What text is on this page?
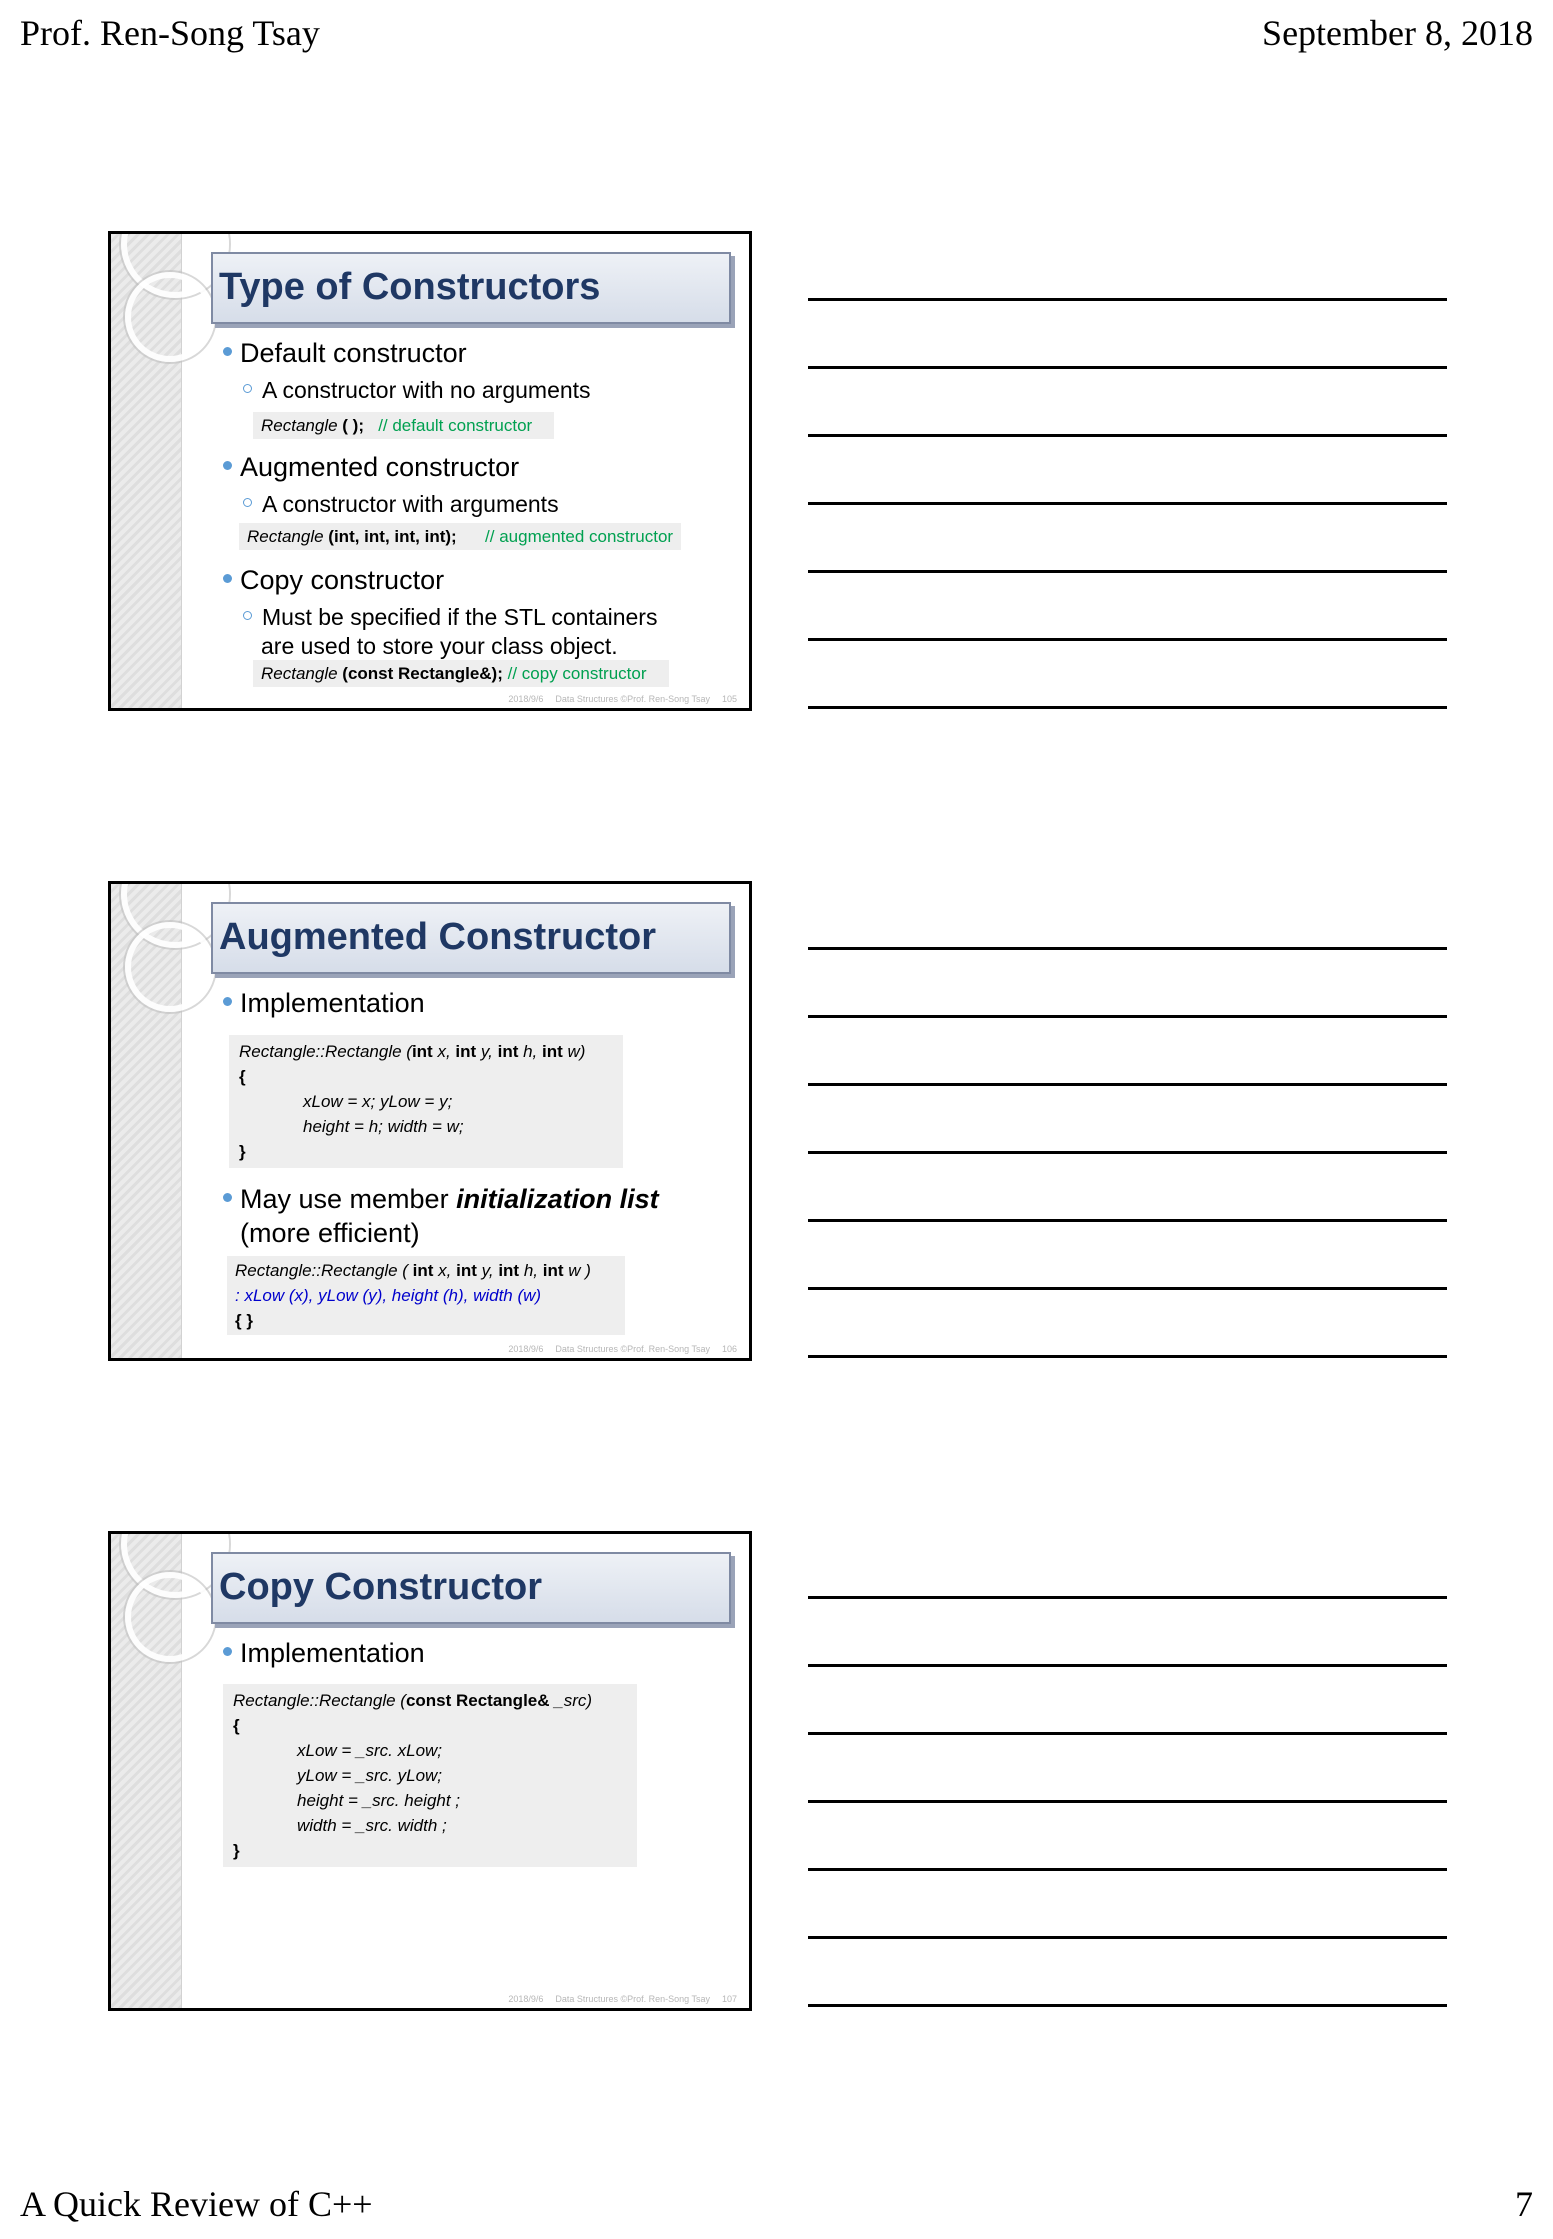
Prof. Ren-Song Tsay	September 8, 2018
Type of Constructors
Default constructor
A constructor with no arguments
Rectangle ( ); // default constructor
Augmented constructor
A constructor with arguments
Rectangle (int, int, int, int); // augmented constructor
Copy constructor
Must be specified if the STL containers
are used to store your class object.
Rectangle (const Rectangle&); // copy constructor
2018/9/6 Data Structures ©Prof. Ren-Song Tsay 105
Augmented Constructor
Implementation
Rectangle::Rectangle (int x, int y, int h, int w)
{
xLow = x; yLow = y;
height = h; width = w;
}
May use member initialization list
(more efficient)
Rectangle::Rectangle ( int x, int y, int h, int w )
: xLow (x), yLow (y), height (h), width (w)
{ }
2018/9/6 Data Structures ©Prof. Ren-Song Tsay 106
Copy Constructor
Implementation
Rectangle::Rectangle (const Rectangle& _src)
{
xLow = _src. xLow;
yLow = _src. yLow;
height = _src. height ;
width = _src. width ;
}
2018/9/6 Data Structures ©Prof. Ren-Song Tsay 107
A Quick Review of C++	7
